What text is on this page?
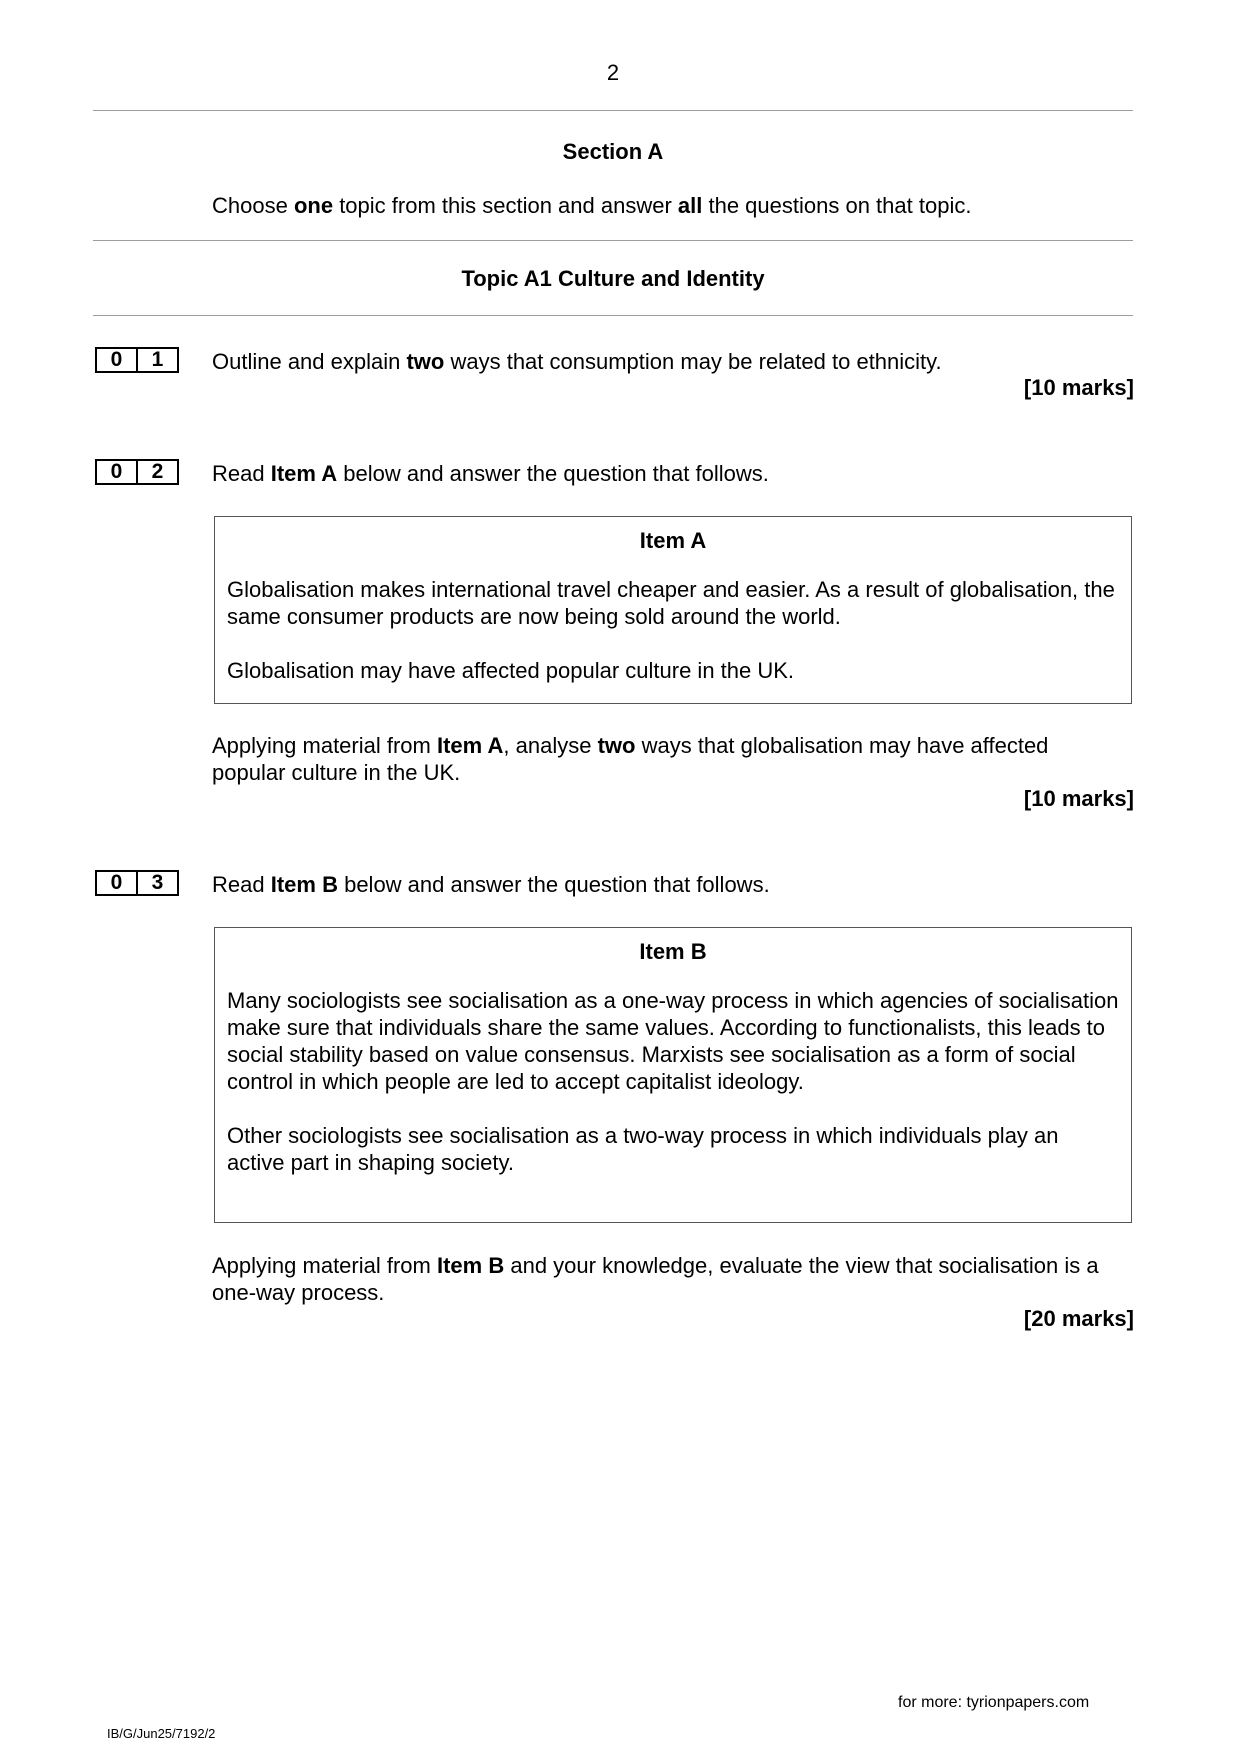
2
Section A
Choose one topic from this section and answer all the questions on that topic.
Topic A1 Culture and Identity
0	1	Outline and explain two ways that consumption may be related to ethnicity.
[10 marks]
0	2	Read Item A below and answer the question that follows.
Item A

Globalisation makes international travel cheaper and easier. As a result of globalisation, the same consumer products are now being sold around the world.

Globalisation may have affected popular culture in the UK.

Applying material from Item A, analyse two ways that globalisation may have affected popular culture in the UK.
[10 marks]
0	3	Read Item B below and answer the question that follows.
Item B

Many sociologists see socialisation as a one-way process in which agencies of socialisation make sure that individuals share the same values. According to functionalists, this leads to social stability based on value consensus. Marxists see socialisation as a form of social control in which people are led to accept capitalist ideology.

Other sociologists see socialisation as a two-way process in which individuals play an active part in shaping society.

Applying material from Item B and your knowledge, evaluate the view that socialisation is a one-way process.
[20 marks]
for more: tyrionpapers.com
IB/G/Jun25/7192/2
